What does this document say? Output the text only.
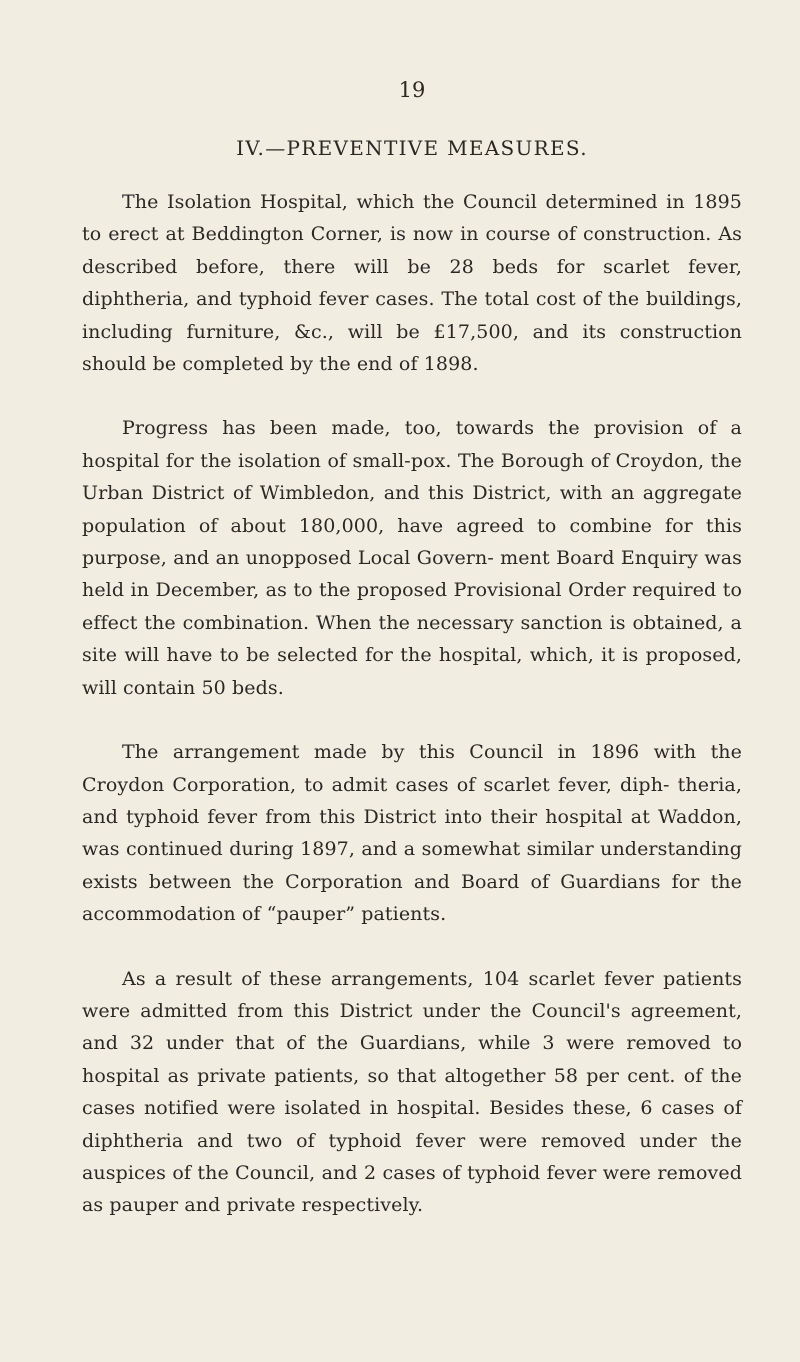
19
IV.—PREVENTIVE MEASURES.

The Isolation Hospital, which the Council determined in 1895 to erect at Beddington Corner, is now in course of construction. As described before, there will be 28 beds for scarlet fever, diphtheria, and typhoid fever cases. The total cost of the buildings, including furniture, &c., will be £17,500, and its construction should be completed by the end of 1898.

Progress has been made, too, towards the provision of a hospital for the isolation of small-pox. The Borough of Croydon, the Urban District of Wimbledon, and this District, with an aggregate population of about 180,000, have agreed to combine for this purpose, and an unopposed Local Govern- ment Board Enquiry was held in December, as to the proposed Provisional Order required to effect the combination. When the necessary sanction is obtained, a site will have to be selected for the hospital, which, it is proposed, will contain 50 beds.

The arrangement made by this Council in 1896 with the Croydon Corporation, to admit cases of scarlet fever, diph- theria, and typhoid fever from this District into their hospital at Waddon, was continued during 1897, and a somewhat similar understanding exists between the Corporation and Board of Guardians for the accommodation of “pauper” patients.

As a result of these arrangements, 104 scarlet fever patients were admitted from this District under the Council's agreement, and 32 under that of the Guardians, while 3 were removed to hospital as private patients, so that altogether 58 per cent. of the cases notified were isolated in hospital. Besides these, 6 cases of diphtheria and two of typhoid fever were removed under the auspices of the Council, and 2 cases of typhoid fever were removed as pauper and private respectively.
